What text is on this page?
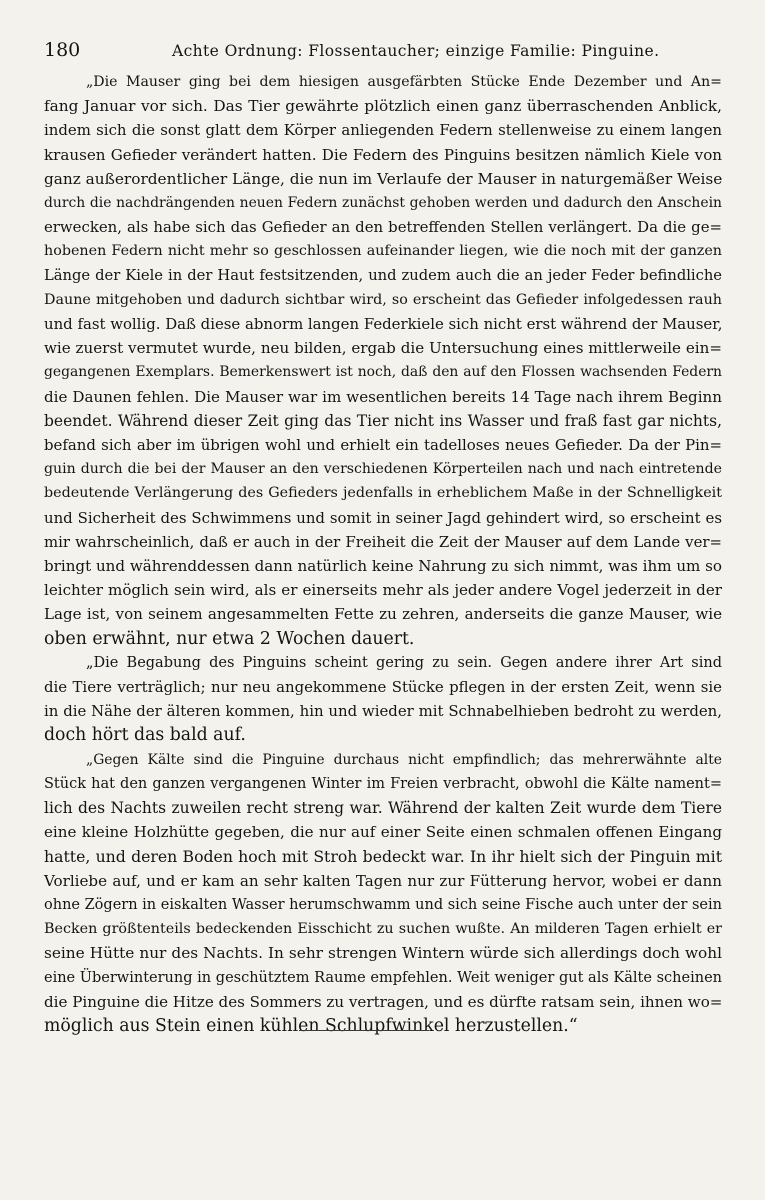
180	Achte Ordnung: Flossentaucher; einzige Familie: Pinguine.

„Die Mauser ging bei dem hiesigen ausgefärbten Stücke Ende Dezember und An=

fang Januar vor sich. Das Tier gewährte plötzlich einen ganz überraschenden Anblick,

indem sich die sonst glatt dem Körper anliegenden Federn stellenweise zu einem langen

krausen Gefieder verändert hatten. Die Federn des Pinguins besitzen nämlich Kiele von

ganz außerordentlicher Länge, die nun im Verlaufe der Mauser in naturgemäßer Weise

durch die nachdrängenden neuen Federn zunächst gehoben werden und dadurch den Anschein

erwecken, als habe sich das Gefieder an den betreffenden Stellen verlängert. Da die ge=

hobenen Federn nicht mehr so geschlossen aufeinander liegen, wie die noch mit der ganzen

Länge der Kiele in der Haut festsitzenden, und zudem auch die an jeder Feder befindliche

Daune mitgehoben und dadurch sichtbar wird, so erscheint das Gefieder infolgedessen rauh

und fast wollig. Daß diese abnorm langen Federkiele sich nicht erst während der Mauser,

wie zuerst vermutet wurde, neu bilden, ergab die Untersuchung eines mittlerweile ein=

gegangenen Exemplars. Bemerkenswert ist noch, daß den auf den Flossen wachsenden Federn

die Daunen fehlen. Die Mauser war im wesentlichen bereits 14 Tage nach ihrem Beginn

beendet. Während dieser Zeit ging das Tier nicht ins Wasser und fraß fast gar nichts,

befand sich aber im übrigen wohl und erhielt ein tadelloses neues Gefieder. Da der Pin=

guin durch die bei der Mauser an den verschiedenen Körperteilen nach und nach eintretende

bedeutende Verlängerung des Gefieders jedenfalls in erheblichem Maße in der Schnelligkeit

und Sicherheit des Schwimmens und somit in seiner Jagd gehindert wird, so erscheint es

mir wahrscheinlich, daß er auch in der Freiheit die Zeit der Mauser auf dem Lande ver=

bringt und währenddessen dann natürlich keine Nahrung zu sich nimmt, was ihm um so

leichter möglich sein wird, als er einerseits mehr als jeder andere Vogel jederzeit in der

Lage ist, von seinem angesammelten Fette zu zehren, anderseits die ganze Mauser, wie

oben erwähnt, nur etwa 2 Wochen dauert.

„Die Begabung des Pinguins scheint gering zu sein. Gegen andere ihrer Art sind

die Tiere verträglich; nur neu angekommene Stücke pflegen in der ersten Zeit, wenn sie

in die Nähe der älteren kommen, hin und wieder mit Schnabelhieben bedroht zu werden,

doch hört das bald auf.

„Gegen Kälte sind die Pinguine durchaus nicht empfindlich; das mehrerwähnte alte

Stück hat den ganzen vergangenen Winter im Freien verbracht, obwohl die Kälte nament=

lich des Nachts zuweilen recht streng war. Während der kalten Zeit wurde dem Tiere

eine kleine Holzhütte gegeben, die nur auf einer Seite einen schmalen offenen Eingang

hatte, und deren Boden hoch mit Stroh bedeckt war. In ihr hielt sich der Pinguin mit

Vorliebe auf, und er kam an sehr kalten Tagen nur zur Fütterung hervor, wobei er dann

ohne Zögern in eiskalten Wasser herumschwamm und sich seine Fische auch unter der sein

Becken größtenteils bedeckenden Eisschicht zu suchen wußte. An milderen Tagen erhielt er

seine Hütte nur des Nachts. In sehr strengen Wintern würde sich allerdings doch wohl

eine Überwinterung in geschütztem Raume empfehlen. Weit weniger gut als Kälte scheinen

die Pinguine die Hitze des Sommers zu vertragen, und es dürfte ratsam sein, ihnen wo=

möglich aus Stein einen kühlen Schlupfwinkel herzustellen.“
